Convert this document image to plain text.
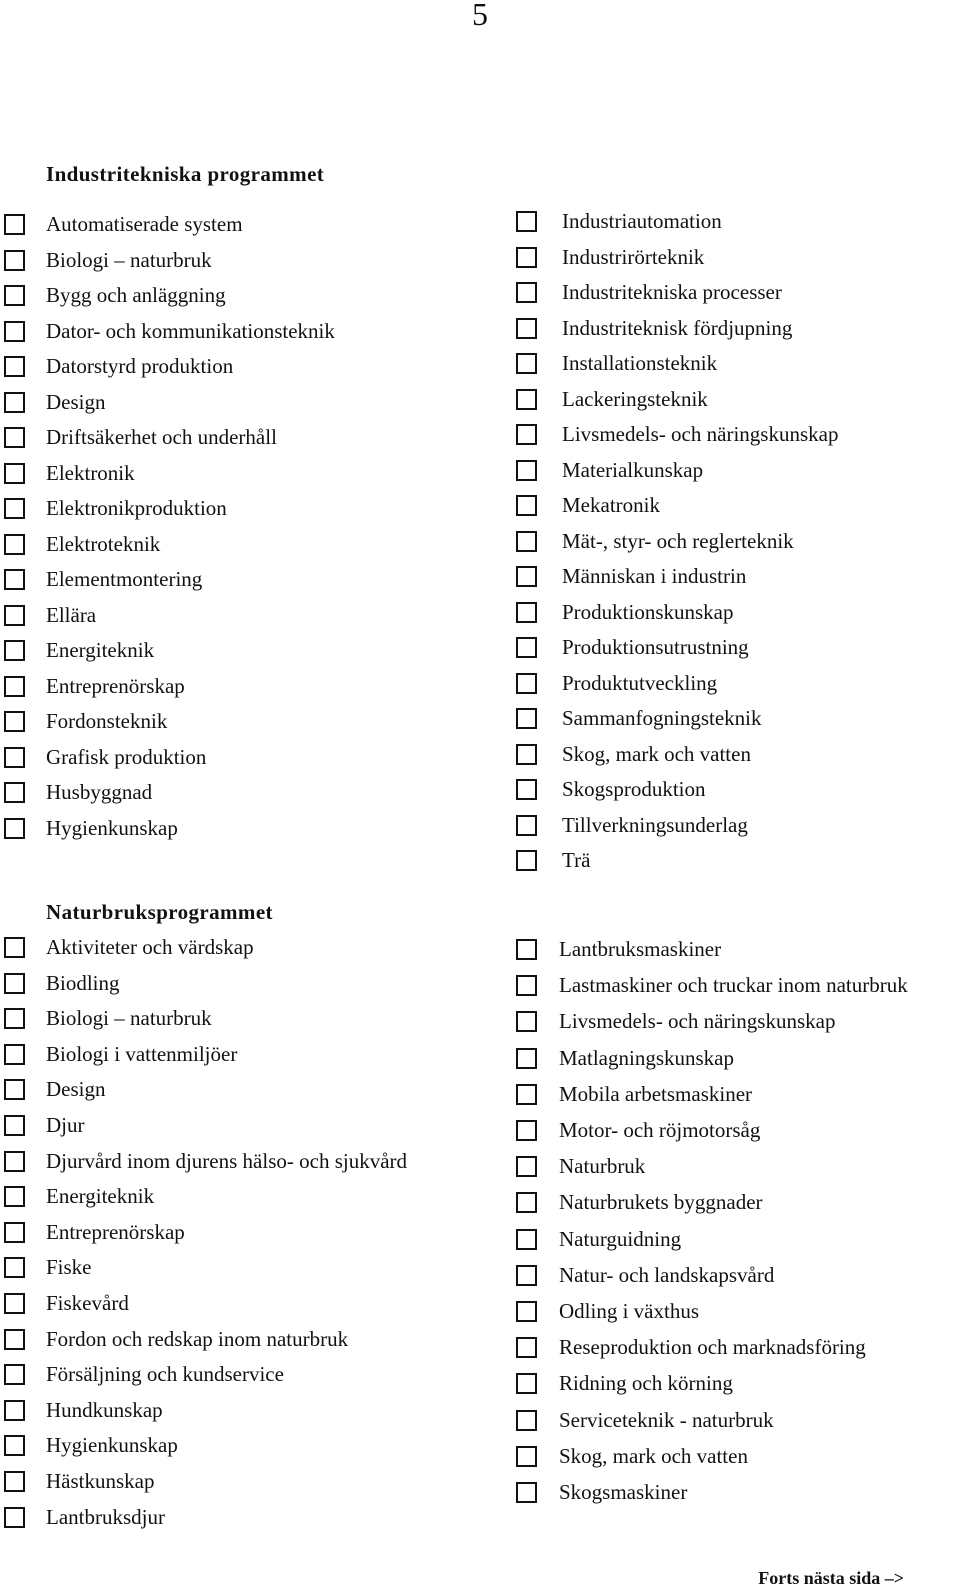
5
Industritekniska programmet
Automatiserade system
Biologi – naturbruk
Bygg och anläggning
Dator- och kommunikationsteknik
Datorstyrd produktion
Design
Driftsäkerhet och underhåll
Elektronik
Elektronikproduktion
Elektroteknik
Elementmontering
Ellära
Energiteknik
Entreprenörskap
Fordonsteknik
Grafisk produktion
Husbyggnad
Hygienkunskap
Industriautomation
Industrirörteknik
Industritekniska processer
Industriteknisk fördjupning
Installationsteknik
Lackeringsteknik
Livsmedels- och näringskunskap
Materialkunskap
Mekatronik
Mät-, styr- och reglerteknik
Människan i industrin
Produktionskunskap
Produktionsutrustning
Produktutveckling
Sammanfogningsteknik
Skog, mark och vatten
Skogsproduktion
Tillverkningsunderlag
Trä
Naturbruksprogrammet
Aktiviteter och värdskap
Biodling
Biologi – naturbruk
Biologi i vattenmiljöer
Design
Djur
Djurvård inom djurens hälso- och sjukvård
Energiteknik
Entreprenörskap
Fiske
Fiskevård
Fordon och redskap inom naturbruk
Försäljning och kundservice
Hundkunskap
Hygienkunskap
Hästkunskap
Lantbruksdjur
Lantbruksmaskiner
Lastmaskiner och truckar inom naturbruk
Livsmedels- och näringskunskap
Matlagningskunskap
Mobila arbetsmaskiner
Motor- och röjmotorsåg
Naturbruk
Naturbrukets byggnader
Naturguidning
Natur- och landskapsvård
Odling i växthus
Reseproduktion och marknadsföring
Ridning och körning
Serviceteknik - naturbruk
Skog, mark och vatten
Skogsmaskiner
Forts nästa sida –>
